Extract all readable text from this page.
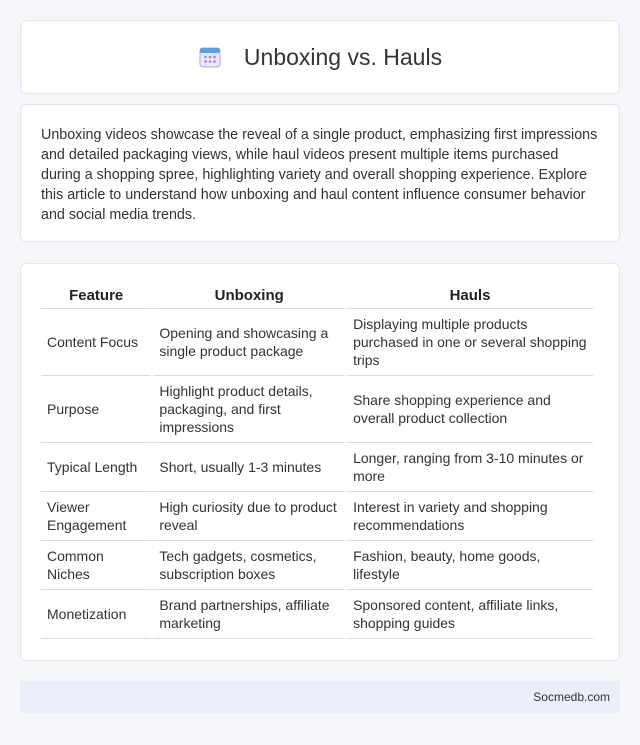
Unboxing vs. Hauls

Unboxing videos showcase the reveal of a single product, emphasizing first impressions and detailed packaging views, while haul videos present multiple items purchased during a shopping spree, highlighting variety and overall shopping experience. Explore this article to understand how unboxing and haul content influence consumer behavior and social media trends.

Feature	Unboxing	Hauls
Content Focus	Opening and showcasing a single product package	Displaying multiple products purchased in one or several shopping trips
Purpose	Highlight product details, packaging, and first impressions	Share shopping experience and overall product collection
Typical Length	Short, usually 1-3 minutes	Longer, ranging from 3-10 minutes or more
Viewer Engagement	High curiosity due to product reveal	Interest in variety and shopping recommendations
Common Niches	Tech gadgets, cosmetics, subscription boxes	Fashion, beauty, home goods, lifestyle
Monetization	Brand partnerships, affiliate marketing	Sponsored content, affiliate links, shopping guides
Socmedb.com
